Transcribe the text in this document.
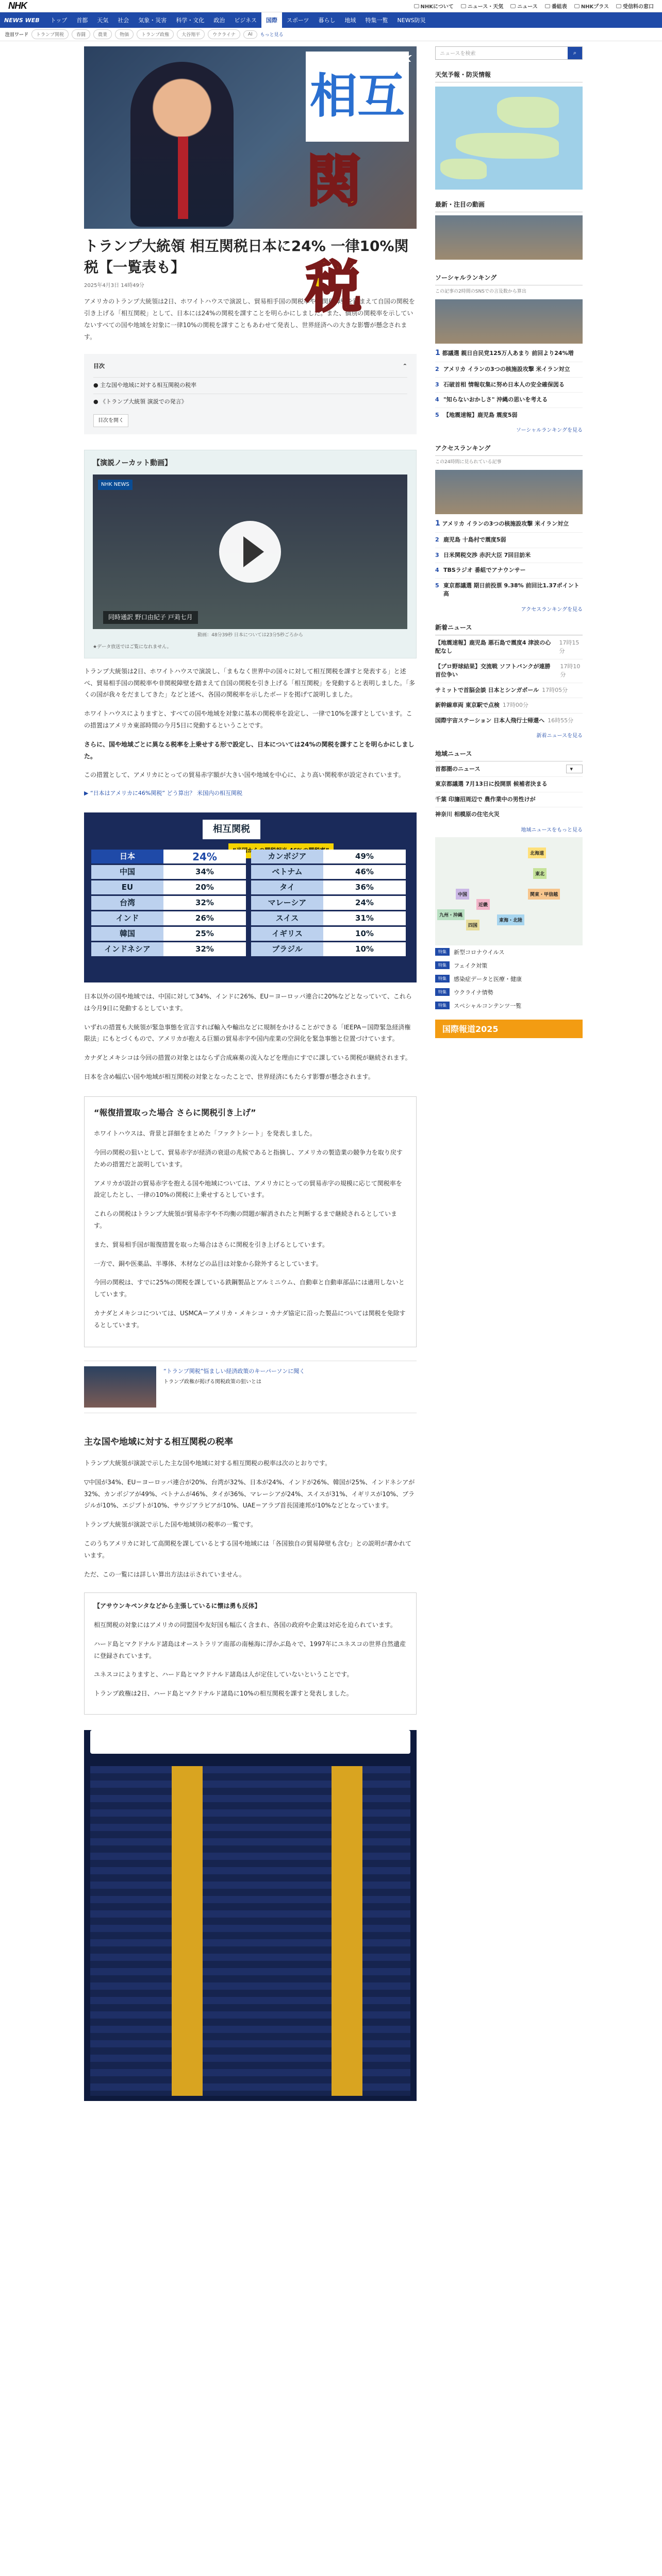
NHK	NHKについて	ニュース・天気	ニュース	番組表	NHKプラス	受信料の窓口
NEWS WEB	トップ	首都	天気	社会	気象・災害	科学・文化	政治	ビジネス	国際	スポーツ	暮らし	地域	特集一覧	NEWS防災
注目ワード	トランプ関税	春闘	農業	物価	トランプ政権	大谷翔平	ウクライナ	AI	もっと見る
相互
関税
NHK
トランプ大統領 相互関税日本に24% 一律10%関税【一覧表も】
2025年4月3日 14時49分
アメリカのトランプ大統領は2日、ホワイトハウスで演説し、貿易相手国の関税率や非関税障壁を踏まえて自国の関税を引き上げる「相互関税」として、日本には24%の関税を課すことを明らかにしました。また、個別の関税率を示していないすべての国や地域を対象に一律10%の関税を課すこともあわせて発表し、世界経済への大きな影響が懸念されます。
目次	⌃
● 主な国や地域に対する相互関税の税率
● 《トランプ大統領 演説での発言》
目次を開く
【演説ノーカット動画】
NHK NEWS
同時通訳 野口由紀子 戸苅七月
動画：48分39秒 日本については23分5秒ごろから
★データ放送ではご覧になれません。

トランプ大統領は2日、ホワイトハウスで演説し、「まもなく世界中の国々に対して相互関税を課すと発表する」と述べ、貿易相手国の関税率や非関税障壁を踏まえて自国の関税を引き上げる「相互関税」を発動すると表明しました。「多くの国が我々をだましてきた」などと述べ、各国の関税率を示したボードを掲げて説明しました。

ホワイトハウスによりますと、すべての国や地域を対象に基本の関税率を設定し、一律で10%を課すとしています。この措置はアメリカ東部時間の今月5日に発動するということです。

さらに、国や地域ごとに異なる税率を上乗せする形で設定し、日本については24%の関税を課すことを明らかにしました。

この措置として、アメリカにとっての貿易赤字額が大きい国や地域を中心に、より高い関税率が設定されています。

▶ “日本はアメリカに46%関税” どう算出？ 米国内の相互関税
相互関税
日本	24%	カンボジア	49%
中国	34%	ベトナム	46%
EU	20%	タイ	36%
台湾	32%	マレーシア	24%
インド	26%	スイス	31%
韓国	25%	イギリス	10%
インドネシア	32%	ブラジル	10%

日本以外の国や地域では、中国に対して34%、インドに26%、EU＝ヨーロッパ連合に20%などとなっていて、これらは今月9日に発動するとしています。

いずれの措置も大統領が緊急事態を宣言すれば輸入や輸出などに規制をかけることができる「IEEPA＝国際緊急経済権限法」にもとづくもので、アメリカが抱える巨額の貿易赤字や国内産業の空洞化を緊急事態と位置づけています。

カナダとメキシコは今回の措置の対象とはならず合成麻薬の流入などを理由にすでに課している関税が継続されます。

日本を含め幅広い国や地域が相互関税の対象となったことで、世界経済にもたらす影響が懸念されます。

“報復措置取った場合 さらに関税引き上げ”

ホワイトハウスは、背景と詳細をまとめた「ファクトシート」を発表しました。

今回の関税の狙いとして、貿易赤字が経済の衰退の兆候であると指摘し、アメリカの製造業の競争力を取り戻すための措置だと説明しています。

アメリカが設計の貿易赤字を抱える国や地域については、アメリカにとっての貿易赤字の規模に応じて関税率を設定したとし、一律の10%の関税に上乗せするとしています。

これらの関税はトランプ大統領が貿易赤字や不均衡の問題が解消されたと判断するまで継続されるとしています。

また、貿易相手国が報復措置を取った場合はさらに関税を引き上げるとしています。

一方で、銅や医薬品、半導体、木材などの品目は対象から除外するとしています。

今回の関税は、すでに25%の関税を課している鉄鋼製品とアルミニウム、自動車と自動車部品には適用しないとしています。

カナダとメキシコについては、USMCA＝アメリカ・メキシコ・カナダ協定に沿った製品については関税を免除するとしています。

“トランプ関税”悩ましい経済政策のキーパーソンに聞く
トランプ政権が掲げる関税政策の狙いとは
主な国や地域に対する相互関税の税率

トランプ大統領が演説で示した主な国や地域に対する相互関税の税率は次のとおりです。

▽中国が34%、EU＝ヨーロッパ連合が20%、台湾が32%、日本が24%、インドが26%、韓国が25%、インドネシアが32%、カンボジアが49%、ベトナムが46%、タイが36%、マレーシアが24%、スイスが31%、イギリスが10%、ブラジルが10%、エジプトが10%、サウジアラビアが10%、UAE＝アラブ首長国連邦が10%などとなっています。

トランプ大統領が演説で示した国や地域別の税率の一覧です。

このうちアメリカに対して高関税を課しているとする国や地域には「各国独自の貿易障壁も含む」との説明が書かれています。

ただ、この一覧には詳しい算出方法は示されていません。

【アサウンキペンタなどから主張しているに懐は勇も反体】

相互関税の対象にはアメリカの同盟国や友好国も幅広く含まれ、各国の政府や企業は対応を迫られています。

ハード島とマクドナルド諸島はオーストラリア南部の南極海に浮かぶ島々で、1997年にユネスコの世界自然遺産に登録されています。

ユネスコによりますと、ハード島とマクドナルド諸島は人が定住していないということです。

トランプ政権は2日、ハード島とマクドナルド諸島に10%の相互関税を課すと発表しました。

ニュースを検索	⌕
天気予報・防災情報
最新・注目の動画
ソーシャルランキング
この記事の2時間のSNSでの言及数から算出
1 都議選 親日自民党125万人あまり 前回より24%増
2 アメリカ イランの3つの核施設攻撃 米イラン対立
3 石破首相 情報収集に努め日本人の安全確保図る
4 "知らないおかしさ" 沖縄の思いを考える
5 【地震速報】鹿児島 震度5弱
ソーシャルランキングを見る
アクセスランキング
この24時間に見られている記事
1 アメリカ イランの3つの核施設攻撃 米イラン対立
2 鹿児島 十島村で震度5弱
3 日米関税交渉 赤沢大臣 7回目訪米
4 TBSラジオ 番組でアナウンサー
5 東京都議選 期日前投票 9.38% 前回比1.37ポイント高
アクセスランキングを見る
新着ニュース
【地震速報】鹿児島 悪石島で震度4 津波の心配なし
17時15分
【プロ野球結果】交流戦 ソフトバンクが連勝 首位争い
17時10分
サミットで首脳会談 日本とシンガポール 17時05分
新幹線車両 東京駅で点検 17時00分
国際宇宙ステーション 日本人飛行士帰還へ 16時55分
新着ニュースを見る
地域ニュース
首都圏のニュース	▾
東京都議選 7月13日に投開票 候補者決まる
千葉 印旛沼周辺で 農作業中の男性けが
神奈川 相模原の住宅火災
地域ニュースをもっと見る
北海道
東北
関東・甲信越
東海・北陸
近畿
中国
四国
九州・沖縄
特集	新型コロナウイルス
特集	フェイク対策
特集	感染症データと医療・健康
特集	ウクライナ情勢
特集	スペシャルコンテンツ一覧
国際報道2025
